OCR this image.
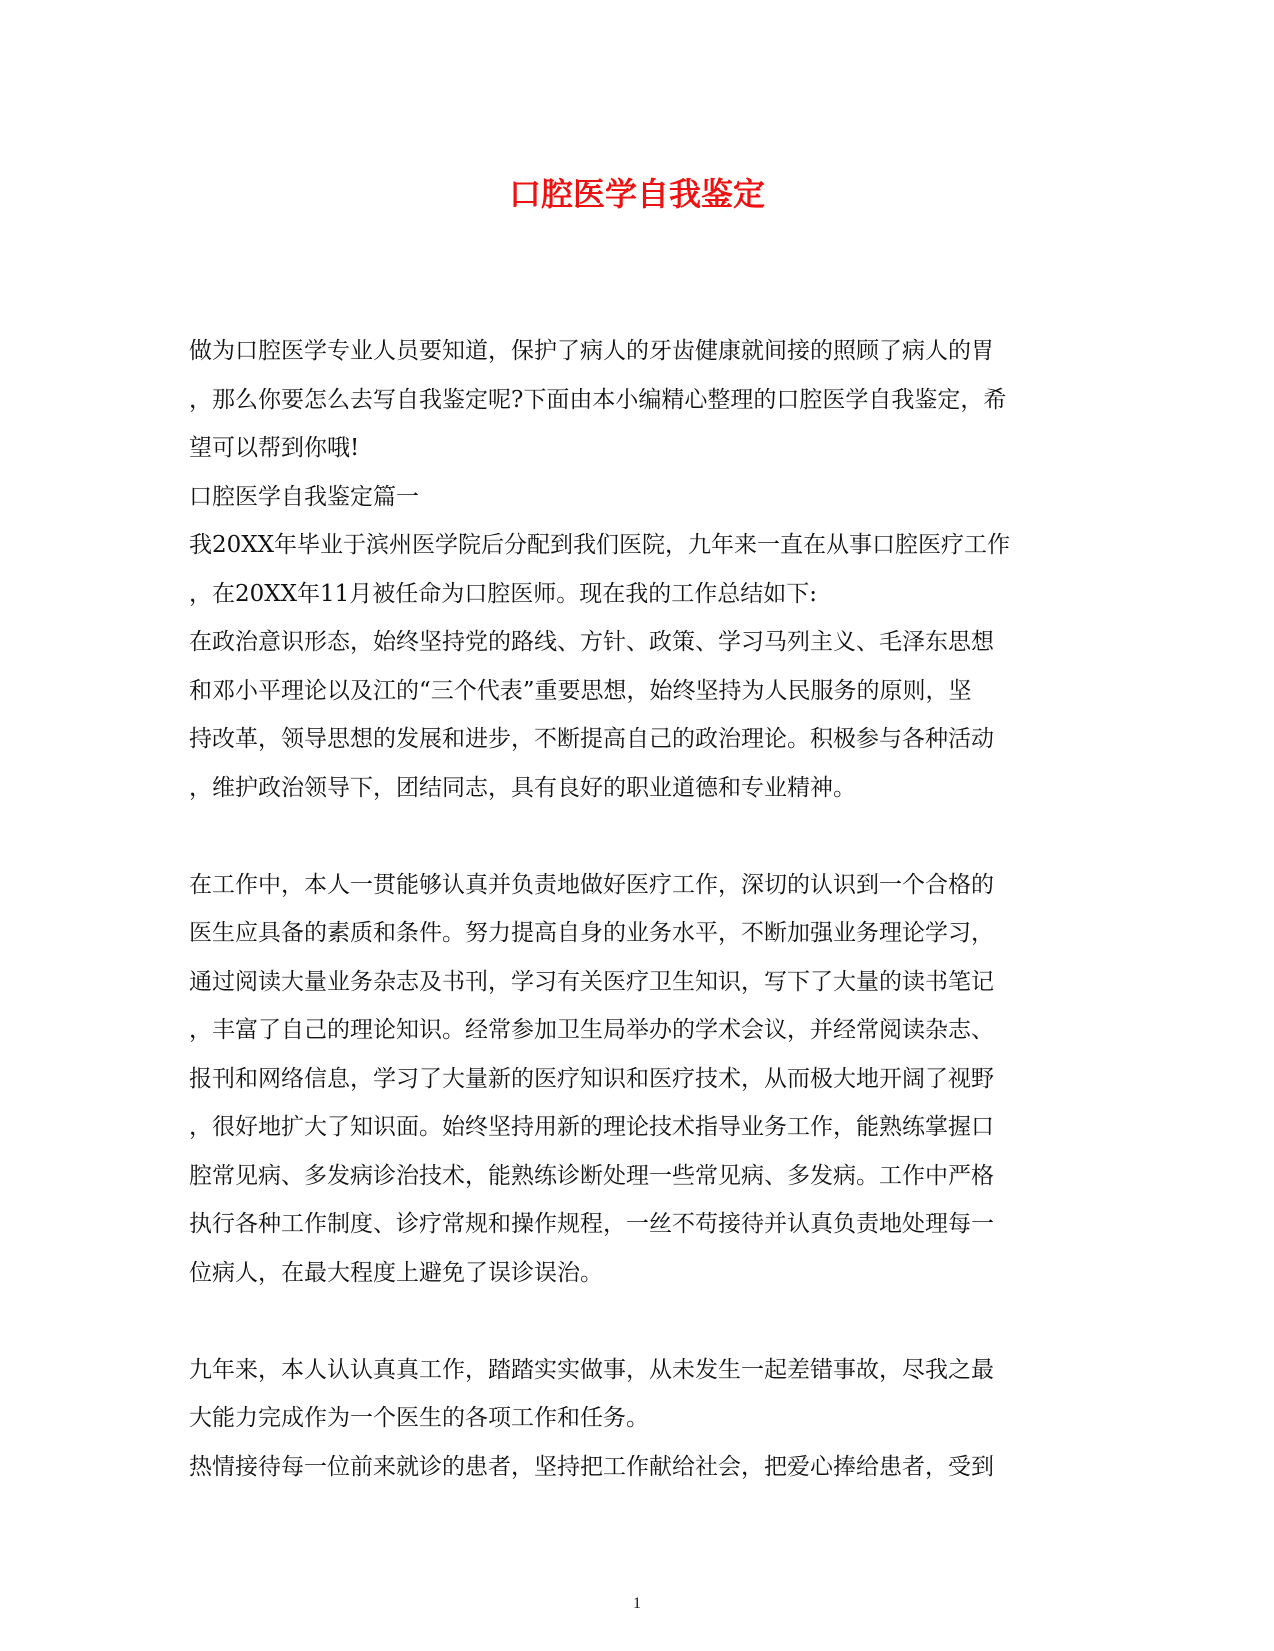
口腔医学自我鉴定

做为口腔医学专业人员要知道，保护了病人的牙齿健康就间接的照顾了病人的胃

，那么你要怎么去写自我鉴定呢?下面由本小编精心整理的口腔医学自我鉴定，希

望可以帮到你哦!

口腔医学自我鉴定篇一

我20XX年毕业于滨州医学院后分配到我们医院，九年来一直在从事口腔医疗工作

，在20XX年11月被任命为口腔医师。现在我的工作总结如下:

在政治意识形态，始终坚持党的路线、方针、政策、学习马列主义、毛泽东思想

和邓小平理论以及江的“三个代表”重要思想，始终坚持为人民服务的原则，坚

持改革，领导思想的发展和进步，不断提高自己的政治理论。积极参与各种活动

，维护政治领导下，团结同志，具有良好的职业道德和专业精神。

在工作中，本人一贯能够认真并负责地做好医疗工作，深切的认识到一个合格的

医生应具备的素质和条件。努力提高自身的业务水平，不断加强业务理论学习，

通过阅读大量业务杂志及书刊，学习有关医疗卫生知识，写下了大量的读书笔记

，丰富了自己的理论知识。经常参加卫生局举办的学术会议，并经常阅读杂志、

报刊和网络信息，学习了大量新的医疗知识和医疗技术，从而极大地开阔了视野

，很好地扩大了知识面。始终坚持用新的理论技术指导业务工作，能熟练掌握口

腔常见病、多发病诊治技术，能熟练诊断处理一些常见病、多发病。工作中严格

执行各种工作制度、诊疗常规和操作规程，一丝不苟接待并认真负责地处理每一

位病人，在最大程度上避免了误诊误治。

九年来，本人认认真真工作，踏踏实实做事，从未发生一起差错事故，尽我之最

大能力完成作为一个医生的各项工作和任务。

热情接待每一位前来就诊的患者，坚持把工作献给社会，把爱心捧给患者，受到

1
